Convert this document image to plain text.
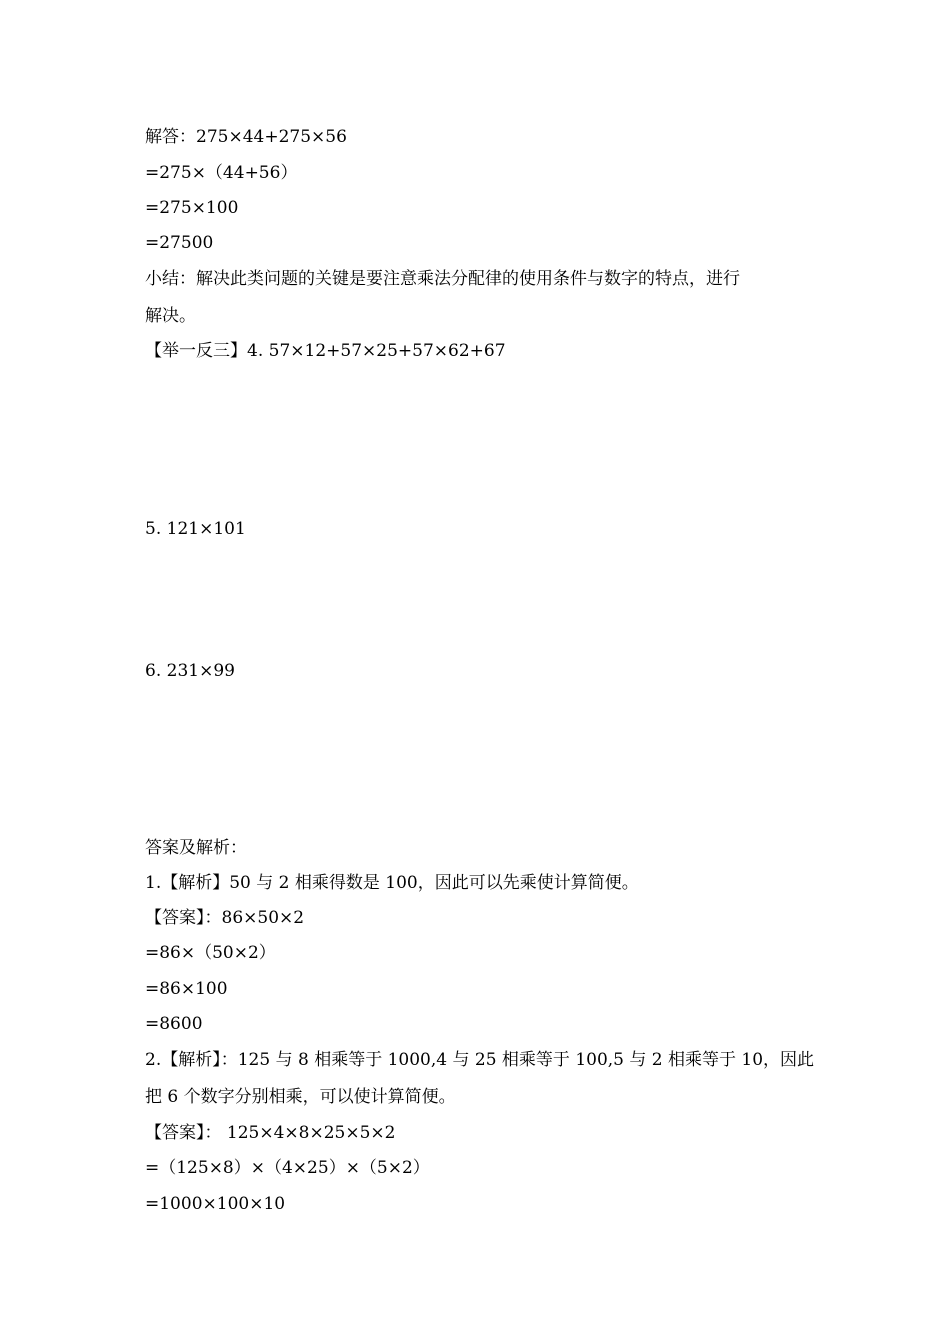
解答：275×44+275×56
=275×（44+56）
=275×100
=27500
小结：解决此类问题的关键是要注意乘法分配律的使用条件与数字的特点，进行
解决。
【举一反三】4. 57×12+57×25+57×62+67
5. 121×101
6. 231×99
答案及解析：
1.【解析】50 与 2 相乘得数是 100，因此可以先乘使计算简便。
【答案】：86×50×2
=86×（50×2）
=86×100
=8600
2.【解析】：125 与 8 相乘等于 1000,4 与 25 相乘等于 100,5 与 2 相乘等于 10，因此
把 6 个数字分别相乘，可以使计算简便。
【答案】： 125×4×8×25×5×2
=（125×8）×（4×25）×（5×2）
=1000×100×10
